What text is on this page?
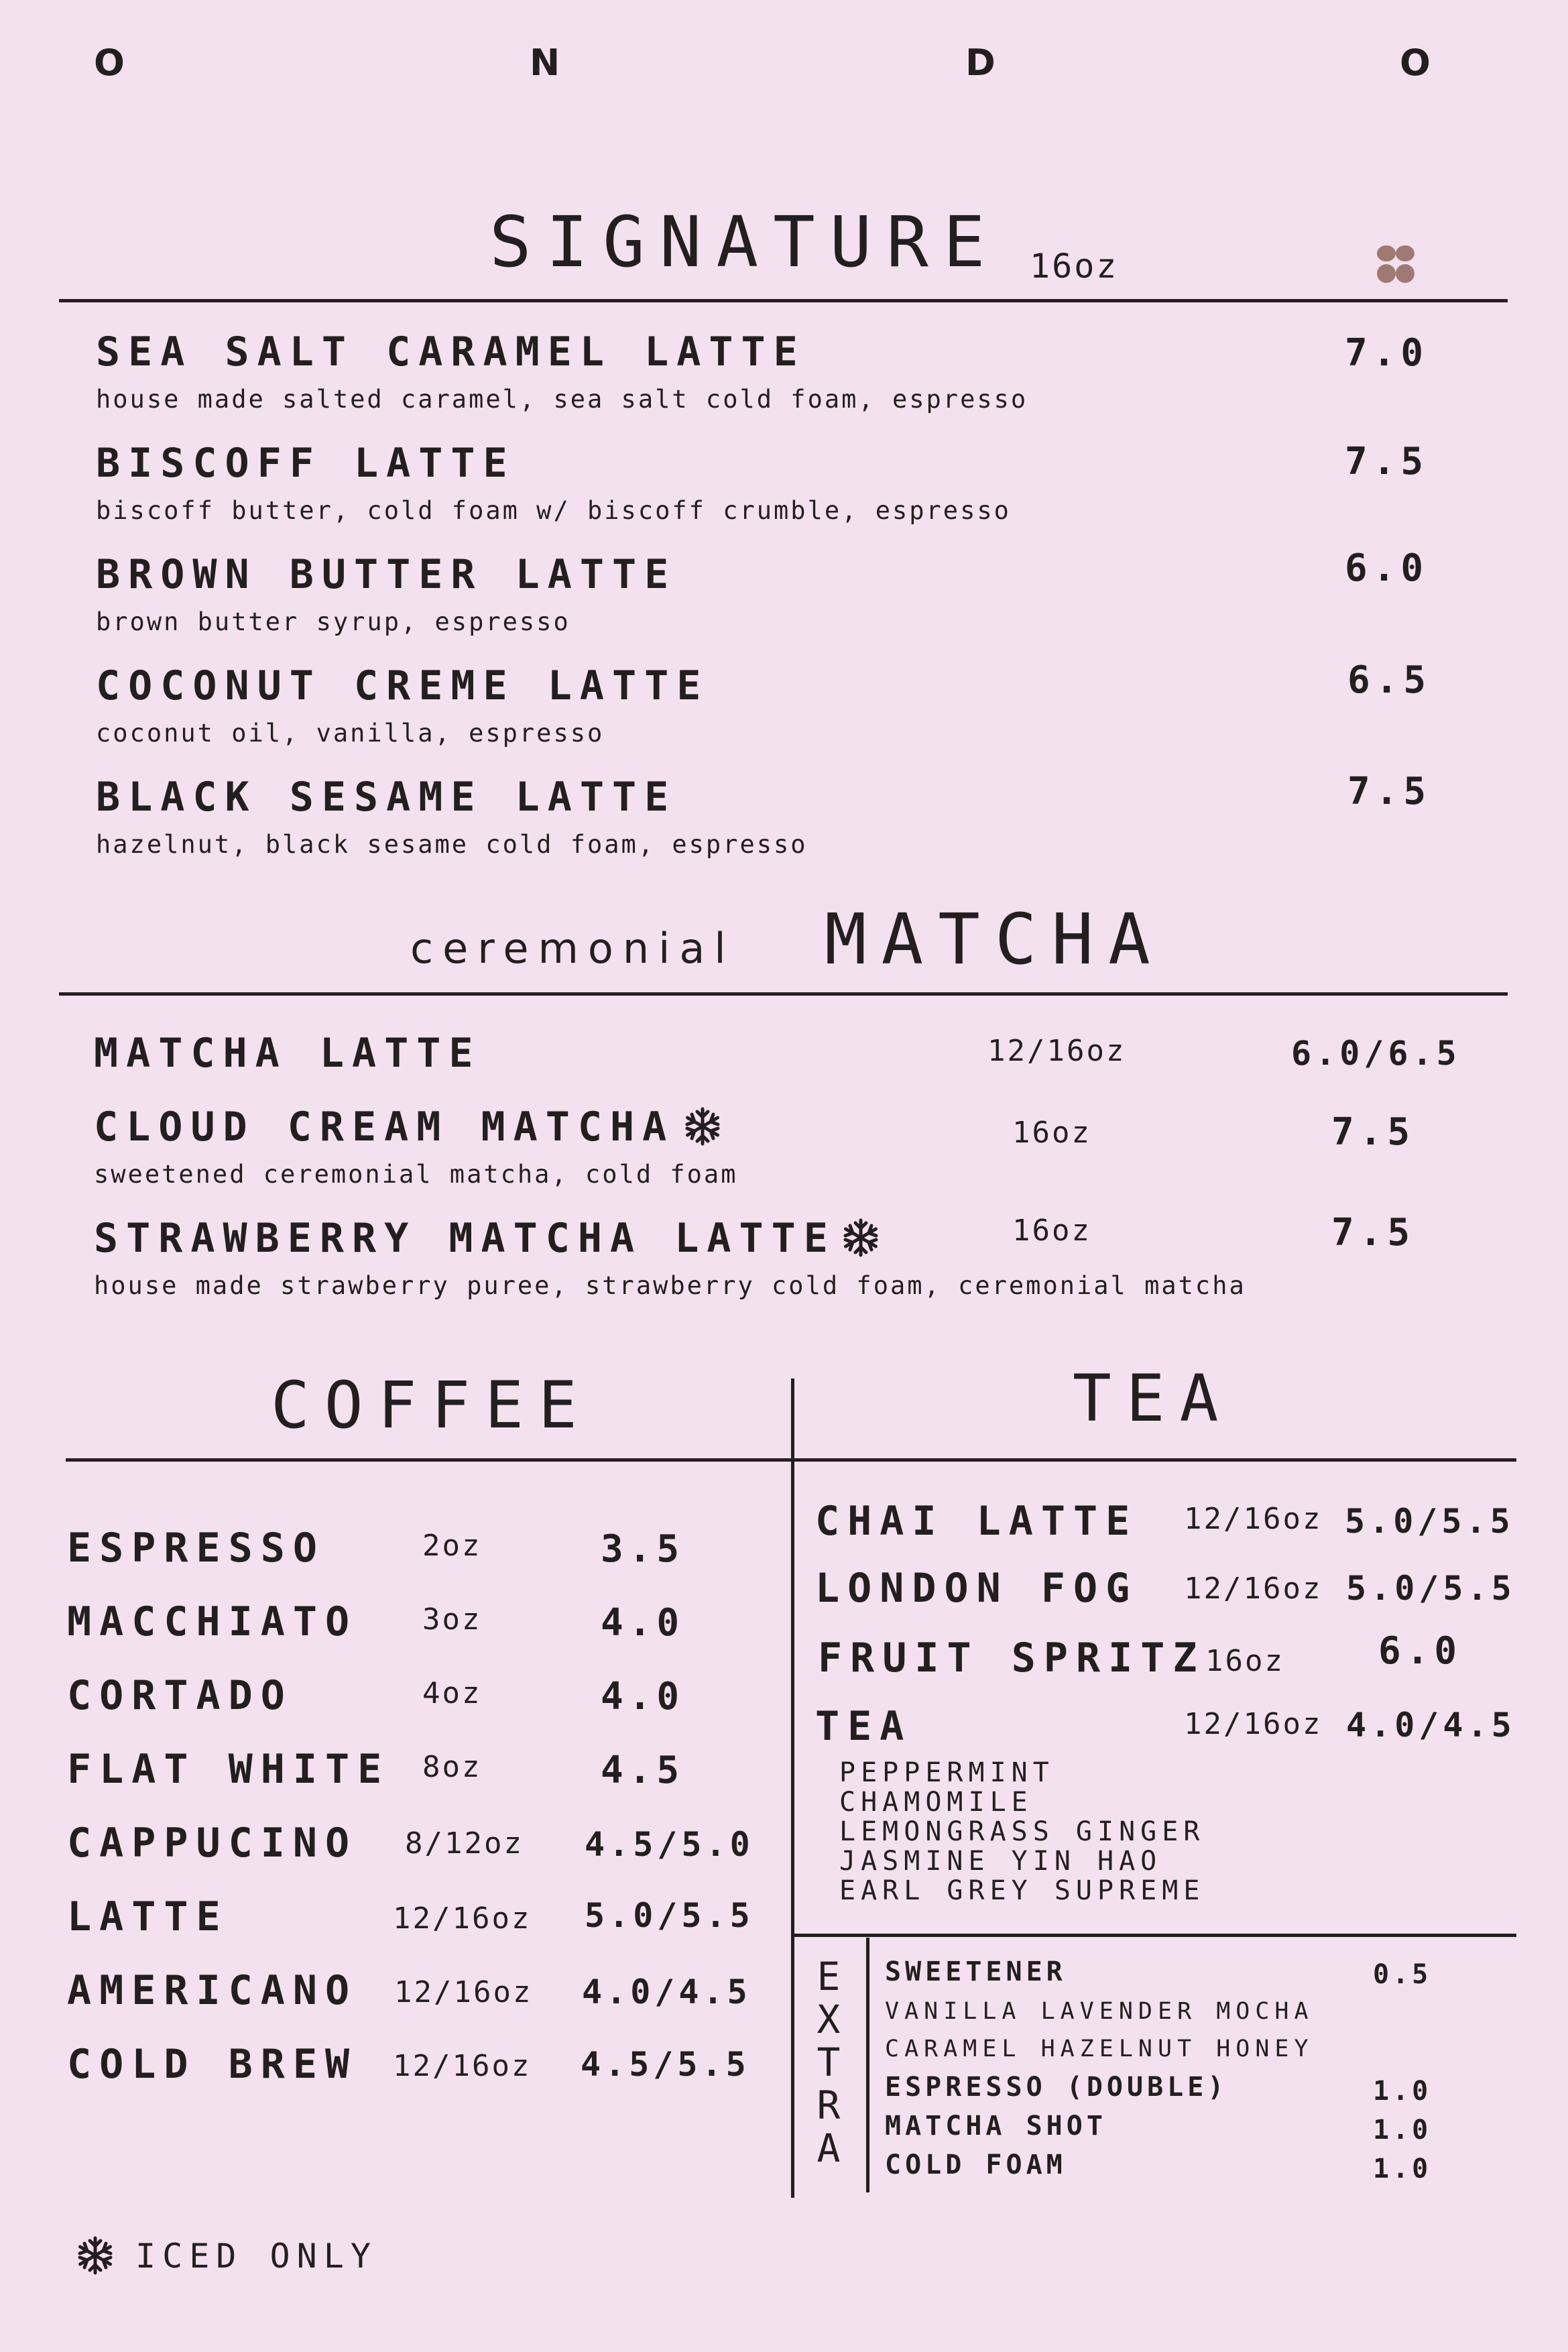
O	N	D	O
SIGNATURE 16oz
SEA SALT CARAMEL LATTE
house made salted caramel, sea salt cold foam, espresso
7.0
BISCOFF LATTE
biscoff butter, cold foam w/ biscoff crumble, espresso
7.5
BROWN BUTTER LATTE
brown butter syrup, espresso
6.0
COCONUT CREME LATTE
coconut oil, vanilla, espresso
6.5
BLACK SESAME LATTE
hazelnut, black sesame cold foam, espresso
7.5
ceremonial MATCHA
MATCHA LATTE	12/16oz	6.0/6.5
CLOUD CREAM MATCHA
sweetened ceremonial matcha, cold foam
16oz	7.5
STRAWBERRY MATCHA LATTE
house made strawberry puree, strawberry cold foam, ceremonial matcha
16oz	7.5
COFFEE	TEA
ESPRESSO	2oz	3.5
MACCHIATO 3oz	4.0
CORTADO	4oz	4.0
FLAT WHITE 8oz	4.5
CAPPUCINO 8/12oz 4.5/5.0
LATTE	12/16oz 5.0/5.5
AMERICANO 12/16oz 4.0/4.5
COLD BREW 12/16oz 4.5/5.5
CHAI LATTE 12/16oz 5.0/5.5
LONDON FOG 12/16oz 5.0/5.5
FRUIT SPRITZ 16oz	6.0
TEA	12/16oz 4.0/4.5
PEPPERMINT
CHAMOMILE
LEMONGRASS GINGER
JASMINE YIN HAO
EARL GREY SUPREME
E
X
T
R
A
SWEETENER	0.5
VANILLA LAVENDER MOCHA
CARAMEL HAZELNUT HONEY
ESPRESSO (DOUBLE)	1.0
MATCHA SHOT	1.0
COLD FOAM	1.0
ICED ONLY
